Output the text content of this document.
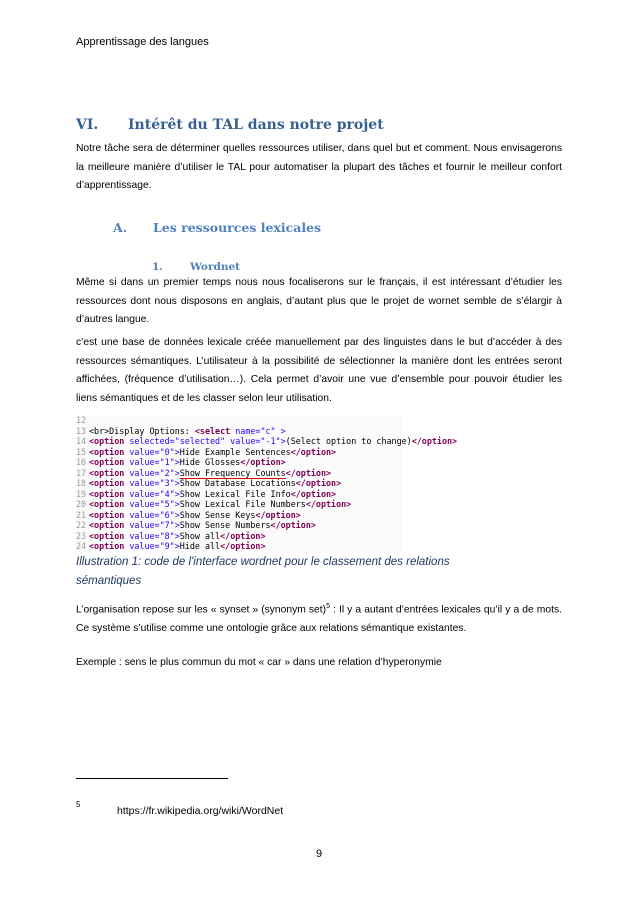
Apprentissage des langues
VI. Intérêt du TAL dans notre projet
Notre tâche sera de déterminer quelles ressources utiliser, dans quel but et comment. Nous envisagerons la meilleure manière d’utiliser le TAL pour automatiser la plupart des tâches et fournir le meilleur confort d’apprentissage.
A. Les ressources lexicales
1.	Wordnet
Même si dans un premier temps nous nous focaliserons sur le français, il est intéressant d’étudier les ressources dont nous disposons en anglais, d’autant plus que le projet de wornet semble de s’élargir à d’autres langue.
c’est une base de données lexicale créée manuellement par des linguistes dans le but d’accéder à des ressources sémantiques. L’utilisateur à la possibilité de sélectionner la manière dont les entrées seront affichées, (fréquence d’utilisation…). Cela permet d’avoir une vue d’ensemble pour pouvoir étudier les liens sémantiques et de les classer selon leur utilisation.
12
13 <br>Display Options: <select name="c" >
14 <option selected="selected" value="-1">(Select option to change)</option>
15 <option value="0">Hide Example Sentences</option>
16 <option value="1">Hide Glosses</option>
17 <option value="2">Show Frequency Counts</option>
18 <option value="3">Show Database Locations</option>
19 <option value="4">Show Lexical File Info</option>
20 <option value="5">Show Lexical File Numbers</option>
21 <option value="6">Show Sense Keys</option>
22 <option value="7">Show Sense Numbers</option>
23 <option value="8">Show all</option>
24 <option value="9">Hide all</option>
Illustration 1: code de l'interface wordnet pour le classement des relations sémantiques
L’organisation repose sur les « synset » (synonym set)$^5$ : Il y a autant d’entrées lexicales qu’il y a de mots. Ce système s’utilise comme une ontologie grâce aux relations sémantique existantes.
Exemple : sens le plus commun du mot « car » dans une relation d’hyperonymie
5
https://fr.wikipedia.org/wiki/WordNet
9
